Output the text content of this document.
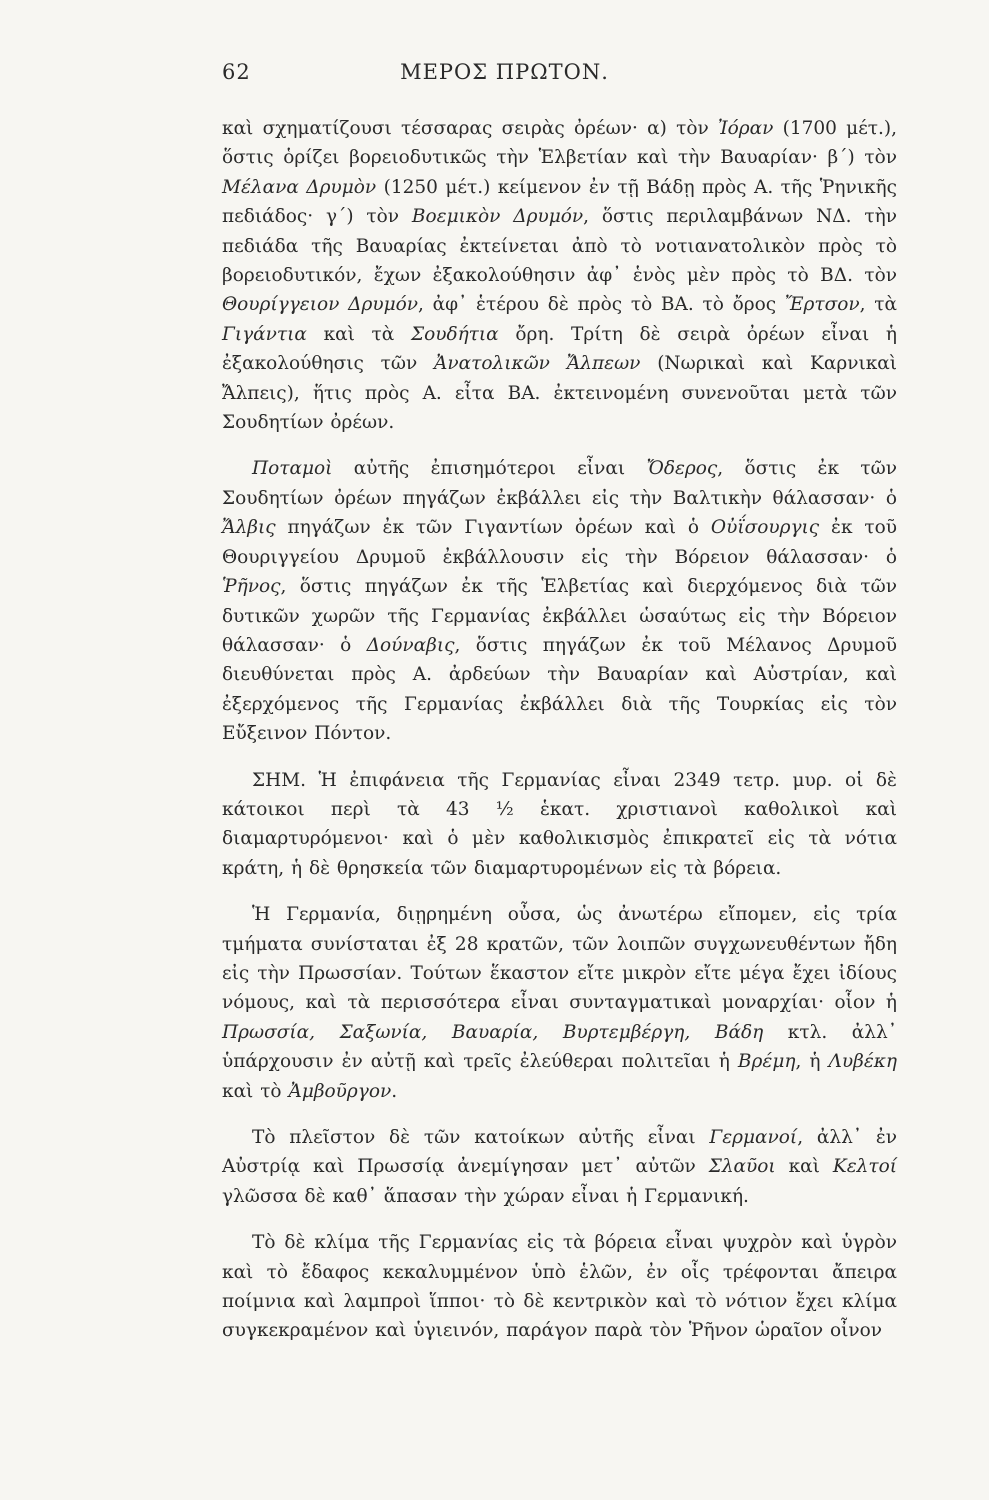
62	ΜΕΡΟΣ ΠΡΩΤΟΝ.

καὶ σχηματίζουσι τέσσαρας σειρὰς ὀρέων· α) τὸν Ἰόραν (1700 μέτ.), ὅστις ὁρίζει βορειοδυτικῶς τὴν Ἑλβετίαν καὶ τὴν Βαυαρίαν· β΄) τὸν Μέλανα Δρυμὸν (1250 μέτ.) κείμενον ἐν τῇ Βάδῃ πρὸς Α. τῆς Ῥηνικῆς πεδιάδος· γ΄) τὸν Βοεμικὸν Δρυμόν, ὅστις περιλαμβάνων ΝΔ. τὴν πεδιάδα τῆς Βαυαρίας ἐκτείνεται ἀπὸ τὸ νοτιανατολικὸν πρὸς τὸ βορειοδυτικόν, ἔχων ἐξακολούθησιν ἀφ᾽ ἑνὸς μὲν πρὸς τὸ ΒΔ. τὸν Θουρίγγειον Δρυμόν, ἀφ᾽ ἑτέρου δὲ πρὸς τὸ ΒΑ. τὸ ὄρος Ἔρτσον, τὰ Γιγάντια καὶ τὰ Σουδήτια ὄρη. Τρίτη δὲ σειρὰ ὀρέων εἶναι ἡ ἐξακολούθησις τῶν Ἀνατολικῶν Ἄλπεων (Νωρικαὶ καὶ Καρνικαὶ Ἄλπεις), ἥτις πρὸς Α. εἶτα ΒΑ. ἐκτεινομένη συνενοῦται μετὰ τῶν Σουδητίων ὀρέων.

Ποταμοὶ αὐτῆς ἐπισημότεροι εἶναι Ὄδερος, ὅστις ἐκ τῶν Σουδητίων ὀρέων πηγάζων ἐκβάλλει εἰς τὴν Βαλτικὴν θάλασσαν· ὁ Ἄλβις πηγάζων ἐκ τῶν Γιγαντίων ὀρέων καὶ ὁ Οὐΐσουργις ἐκ τοῦ Θουριγγείου Δρυμοῦ ἐκβάλλουσιν εἰς τὴν Βόρειον θάλασσαν· ὁ Ῥῆνος, ὅστις πηγάζων ἐκ τῆς Ἑλβετίας καὶ διερχόμενος διὰ τῶν δυτικῶν χωρῶν τῆς Γερμανίας ἐκβάλλει ὡσαύτως εἰς τὴν Βόρειον θάλασσαν· ὁ Δούναβις, ὅστις πηγάζων ἐκ τοῦ Μέλανος Δρυμοῦ διευθύνεται πρὸς Α. ἀρδεύων τὴν Βαυαρίαν καὶ Αὐστρίαν, καὶ ἐξερχόμενος τῆς Γερμανίας ἐκβάλλει διὰ τῆς Τουρκίας εἰς τὸν Εὔξεινον Πόντον.

ΣΗΜ. Ἡ ἐπιφάνεια τῆς Γερμανίας εἶναι 2349 τετρ. μυρ. οἱ δὲ κάτοικοι περὶ τὰ 43 ½ ἑκατ. χριστιανοὶ καθολικοὶ καὶ διαμαρτυρόμενοι· καὶ ὁ μὲν καθολικισμὸς ἐπικρατεῖ εἰς τὰ νότια κράτη, ἡ δὲ θρησκεία τῶν διαμαρτυρομένων εἰς τὰ βόρεια.

Ἡ Γερμανία, διῃρημένη οὖσα, ὡς ἀνωτέρω εἴπομεν, εἰς τρία τμήματα συνίσταται ἐξ 28 κρατῶν, τῶν λοιπῶν συγχωνευθέντων ἤδη εἰς τὴν Πρωσσίαν. Τούτων ἕκαστον εἴτε μικρὸν εἴτε μέγα ἔχει ἰδίους νόμους, καὶ τὰ περισσότερα εἶναι συνταγματικαὶ μοναρχίαι· οἷον ἡ Πρωσσία, Σαξωνία, Βαυαρία, Βυρτεμβέργη, Βάδη κτλ. ἀλλ᾽ ὑπάρχουσιν ἐν αὐτῇ καὶ τρεῖς ἐλεύθεραι πολιτεῖαι ἡ Βρέμη, ἡ Λυβέκη καὶ τὸ Ἀμβοῦργον.

Τὸ πλεῖστον δὲ τῶν κατοίκων αὐτῆς εἶναι Γερμανοί, ἀλλ᾽ ἐν Αὐστρίᾳ καὶ Πρωσσίᾳ ἀνεμίγησαν μετ᾽ αὐτῶν Σλαῦοι καὶ Κελτοί γλῶσσα δὲ καθ᾽ ἅπασαν τὴν χώραν εἶναι ἡ Γερμανική.

Τὸ δὲ κλίμα τῆς Γερμανίας εἰς τὰ βόρεια εἶναι ψυχρὸν καὶ ὑγρὸν καὶ τὸ ἔδαφος κεκαλυμμένον ὑπὸ ἑλῶν, ἐν οἷς τρέφονται ἄπειρα ποίμνια καὶ λαμπροὶ ἵπποι· τὸ δὲ κεντρικὸν καὶ τὸ νότιον ἔχει κλίμα συγκεκραμένον καὶ ὑγιεινόν, παράγον παρὰ τὸν Ῥῆνον ὡραῖον οἶνον
